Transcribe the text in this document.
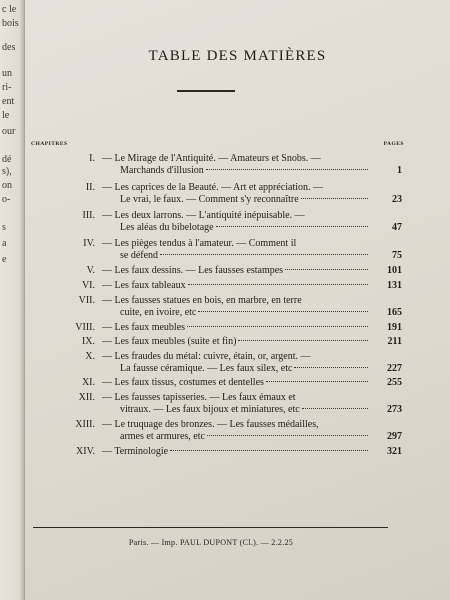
TABLE DES MATIÈRES
CHAPITRES	PAGES
I. — Le Mirage de l'Antiquité. — Amateurs et Snobs. —
Marchands d'illusion	1
II. — Les caprices de la Beauté. — Art et appréciation. —
Le vrai, le faux. — Comment s'y reconnaître	23
III. — Les deux larrons. — L'antiquité inépuisable. —
Les aléas du bibelotage	47
IV. — Les pièges tendus à l'amateur. — Comment il
se défend	75
V. — Les faux dessins. — Les fausses estampes	101
VI. — Les faux tableaux	131
VII. — Les fausses statues en bois, en marbre, en terre
cuite, en ivoire, etc	165
VIII. — Les faux meubles	191
IX. — Les faux meubles (suite et fin)	211
X. — Les fraudes du métal: cuivre, étain, or, argent. —
La fausse céramique. — Les faux silex, etc	227
XI. — Les faux tissus, costumes et dentelles	255
XII. — Les fausses tapisseries. — Les faux émaux et
vitraux. — Les faux bijoux et miniatures, etc	273
XIII. — Le truquage des bronzes. — Les fausses médailles,
armes et armures, etc	297
XIV. — Terminologie	321
Paris. — Imp. PAUL DUPONT (Cl.). — 2.2.25
c le
bois
des
un
ri-
ent
le
our
dé
s),
on
o-
s
a
e
